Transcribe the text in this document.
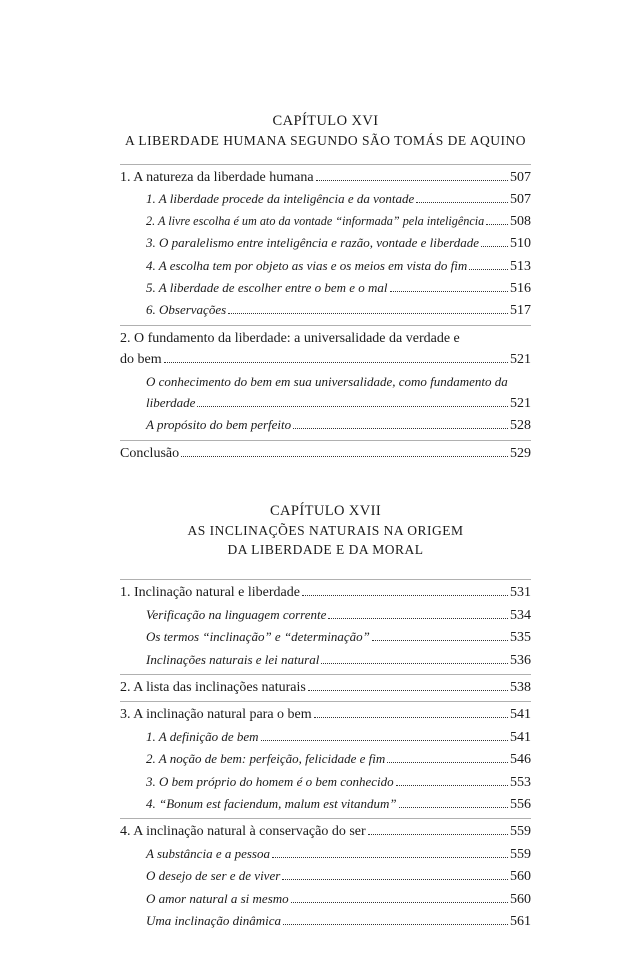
CAPÍTULO XVI
A LIBERDADE HUMANA SEGUNDO SÃO TOMÁS DE AQUINO
1. A natureza da liberdade humana	507
1. A liberdade procede da inteligência e da vontade	507
2. A livre escolha é um ato da vontade “informada” pela inteligência 508
3. O paralelismo entre inteligência e razão, vontade e liberdade 510
4. A escolha tem por objeto as vias e os meios em vista do fim	513
5. A liberdade de escolher entre o bem e o mal	516
6. Observações	517
2. O fundamento da liberdade: a universalidade da verdade e
do bem	521
O conhecimento do bem em sua universalidade, como fundamento da
liberdade	521
A propósito do bem perfeito	528
Conclusão	529
CAPÍTULO XVII
AS INCLINAÇÕES NATURAIS NA ORIGEM
DA LIBERDADE E DA MORAL
1. Inclinação natural e liberdade	531
Verificação na linguagem corrente	534
Os termos “inclinação” e “determinação”	535
Inclinações naturais e lei natural	536
2. A lista das inclinações naturais	538
3. A inclinação natural para o bem	541
1. A definição de bem	541
2. A noção de bem: perfeição, felicidade e fim	546
3. O bem próprio do homem é o bem conhecido	553
4. “Bonum est faciendum, malum est vitandum”	556
4. A inclinação natural à conservação do ser	559
A substância e a pessoa	559
O desejo de ser e de viver	560
O amor natural a si mesmo	560
Uma inclinação dinâmica	561
